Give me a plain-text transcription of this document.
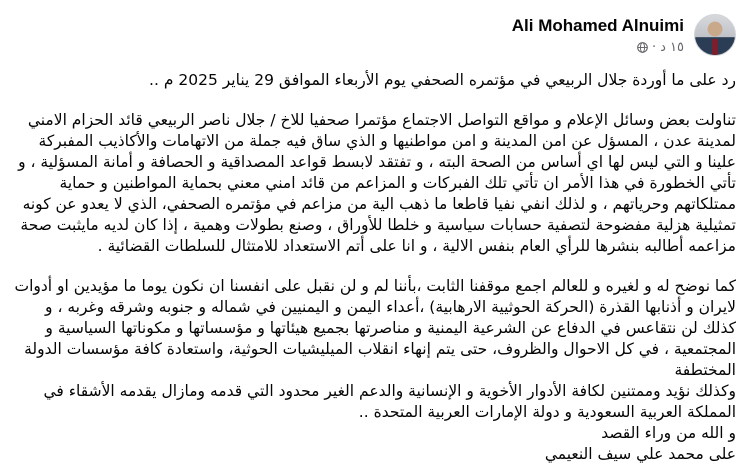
Ali Mohamed Alnuimi
١٥ د
·

رد على ما أوردة جلال الربيعي في مؤتمره الصحفي يوم الأربعاء الموافق 29 يناير 2025 م ..

تناولت بعض وسائل الإعلام و مواقع التواصل الاجتماع مؤتمرا صحفيا للاخ / جلال ناصر الربيعي قائد الحزام الامني لمدينة عدن ، المسؤل عن امن المدينة و امن مواطنيها و الذي ساق فيه جملة من الاتهامات والأكاذيب المفبركة علينا و التي ليس لها اي أساس من الصحة البته ، و تفتقد لابسط قواعد المصداقية و الحصافة و أمانة المسؤلية ، و تأتي الخطورة في هذا الأمر ان تأتي تلك الفبركات و المزاعم من قائد امني معني بحماية المواطنين و حماية ممتلكاتهم وحرياتهم ، و لذلك انفي نفيا قاطعا ما ذهب الية من مزاعم في مؤتمره الصحفي، الذي لا يعدو عن كونه تمثيلية هزلية مفضوحة لتصفية حسابات سياسية و خلطا للأوراق ، وصنع بطولات وهمية ، إذا كان لديه مايثبت صحة مزاعمه أطالبه بنشرها للرأي العام بنفس الالية ، و انا على أتم الاستعداد للامتثال للسلطات القضائية .

كما نوضح له و لغيره و للعالم اجمع موقفنا الثابت ،بأننا لم و لن نقبل على انفسنا ان نكون يوما ما مؤيدين او أدوات لايران و أذنابها القذرة (الحركة الحوثيية الارهابية) ،أعداء اليمن و اليمنيين في شماله و جنوبه وشرقه وغربه ، و كذلك لن نتقاعس في الدفاع عن الشرعية اليمنية و مناصرتها بجميع هيئاتها و مؤسساتها و مكوناتها السياسية و المجتمعية ، في كل الاحوال والظروف، حتى يتم إنهاء انقلاب الميليشيات الحوثية، واستعادة كافة مؤسسات الدولة المختطفة

وكذلك نؤيد وممتنين لكافة الأدوار الأخوية و الإنسانية والدعم الغير محدود التي قدمه ومازال يقدمه الأشقاء في المملكة العربية السعودية و دولة الإمارات العربية المتحدة ..

و الله من وراء القصد

على محمد علي سيف النعيمي
